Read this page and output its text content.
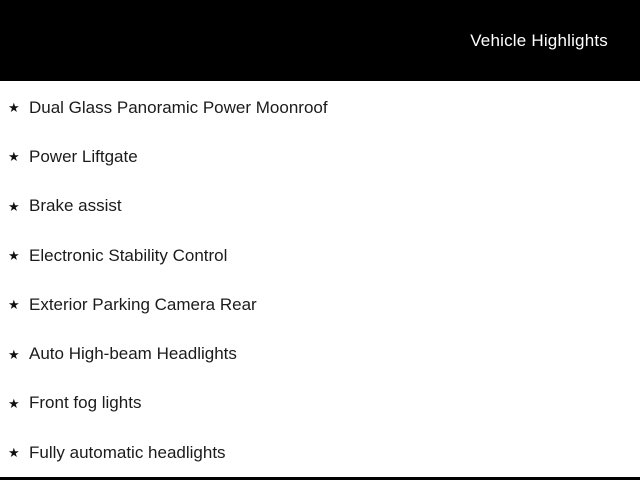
Vehicle Highlights
★ Dual Glass Panoramic Power Moonroof
★ Power Liftgate
★ Brake assist
★ Electronic Stability Control
★ Exterior Parking Camera Rear
★ Auto High-beam Headlights
★ Front fog lights
★ Fully automatic headlights
